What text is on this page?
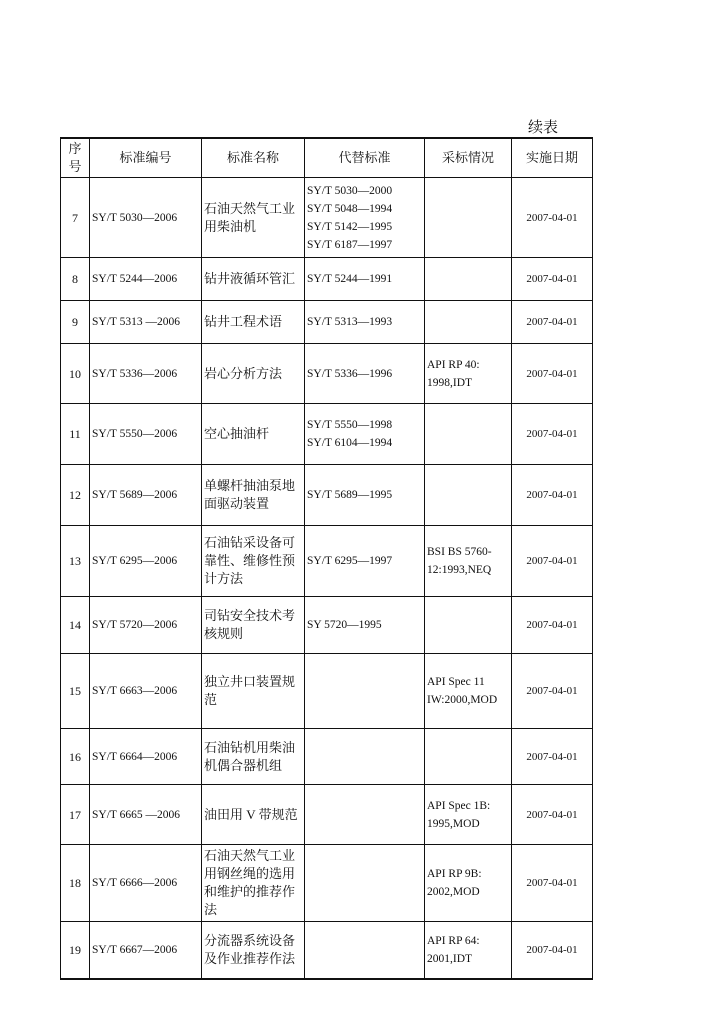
续表
序号	标准编号	标准名称	代替标准	采标情况	实施日期
7	SY/T 5030—2006	石油天然气工业用柴油机	SY/T 5030—2000
SY/T 5048—1994
SY/T 5142—1995
SY/T 6187—1997		2007-04-01
8	SY/T 5244—2006	钻井液循环管汇	SY/T 5244—1991		2007-04-01
9	SY/T 5313 —2006	钻井工程术语	SY/T 5313—1993		2007-04-01
10	SY/T 5336—2006	岩心分析方法	SY/T 5336—1996	API RP 40:
1998,IDT	2007-04-01
11	SY/T 5550—2006	空心抽油杆	SY/T 5550—1998
SY/T 6104—1994		2007-04-01
12	SY/T 5689—2006	单螺杆抽油泵地面驱动装置	SY/T 5689—1995		2007-04-01
13	SY/T 6295—2006	石油钻采设备可靠性、维修性预计方法	SY/T 6295—1997	BSI BS 5760-
12:1993,NEQ	2007-04-01
14	SY/T 5720—2006	司钻安全技术考核规则	SY 5720—1995		2007-04-01
15	SY/T 6663—2006	独立井口装置规范		API Spec 11
IW:2000,MOD	2007-04-01
16	SY/T 6664—2006	石油钻机用柴油机偶合器机组			2007-04-01
17	SY/T 6665 —2006	油田用 V 带规范		API Spec 1B:
1995,MOD	2007-04-01
18	SY/T 6666—2006	石油天然气工业用钢丝绳的选用和维护的推荐作法		API RP 9B:
2002,MOD	2007-04-01
19	SY/T 6667—2006	分流器系统设备及作业推荐作法		API RP 64:
2001,IDT	2007-04-01
